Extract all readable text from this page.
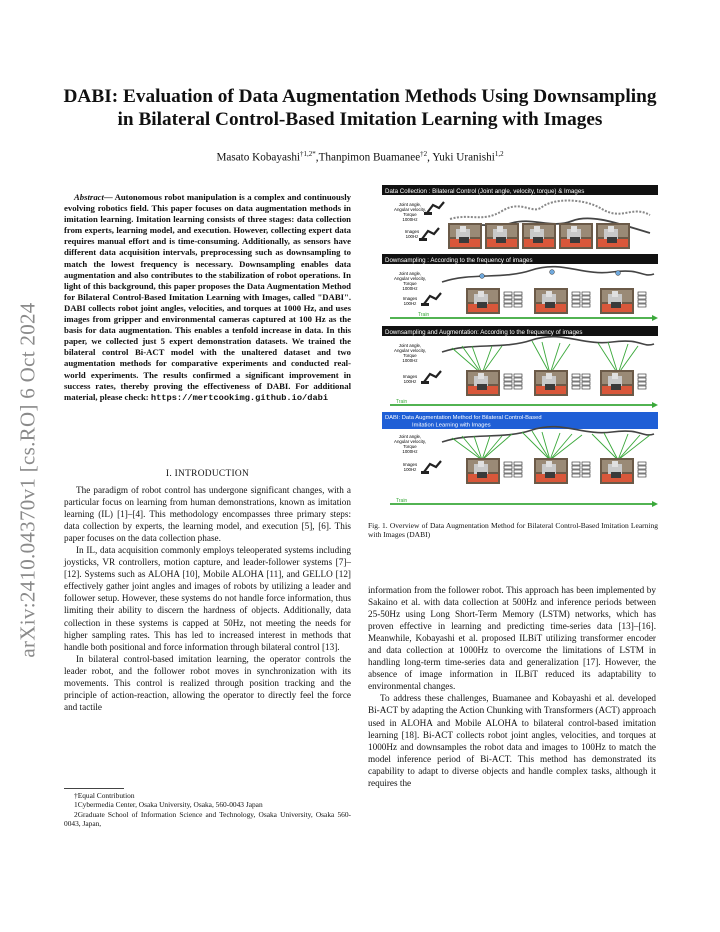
arXiv:2410.04370v1 [cs.RO] 6 Oct 2024
DABI: Evaluation of Data Augmentation Methods Using Downsampling in Bilateral Control-Based Imitation Learning with Images
Masato Kobayashi$^{\dagger 1,2*}$,Thanpimon Buamanee$^{\dagger 2}$, Yuki Uranishi$^{1,2}$
Abstract— Autonomous robot manipulation is a complex and continuously evolving robotics field. This paper focuses on data augmentation methods in imitation learning. Imitation learning consists of three stages: data collection from experts, learning model, and execution. However, collecting expert data requires manual effort and is time-consuming. Additionally, as sensors have different data acquisition intervals, preprocessing such as downsampling to match the lowest frequency is necessary. Downsampling enables data augmentation and also contributes to the stabilization of robot operations. In light of this background, this paper proposes the Data Augmentation Method for Bilateral Control-Based Imitation Learning with Images, called "DABI". DABI collects robot joint angles, velocities, and torques at 1000 Hz, and uses images from gripper and environmental cameras captured at 100 Hz as the basis for data augmentation. This enables a tenfold increase in data. In this paper, we collected just 5 expert demonstration datasets. We trained the bilateral control Bi-ACT model with the unaltered dataset and two augmentation methods for comparative experiments and conducted real-world experiments. The results confirmed a significant improvement in success rates, thereby proving the effectiveness of DABI. For additional material, please check: https://mertcookimg.github.io/dabi
I. INTRODUCTION

The paradigm of robot control has undergone significant changes, with a particular focus on learning from human demonstrations, known as imitation learning (IL) [1]–[4]. This methodology encompasses three primary steps: data collection by experts, the learning model, and execution [5], [6]. This paper focuses on the data collection phase.

In IL, data acquisition commonly employs teleoperated systems including joysticks, VR controllers, motion capture, and leader-follower systems [7]–[12]. Systems such as ALOHA [10], Mobile ALOHA [11], and GELLO [12] effectively gather joint angles and images of robots by utilizing a leader and follower setup. However, these systems do not handle force information, thus limiting their ability to discern the hardness of objects. Additionally, data collection in these systems is capped at 50Hz, not meeting the needs for higher sampling rates. This has led to increased interest in methods that handle both positional and force information through bilateral control [13].

In bilateral control-based imitation learning, the operator controls the leader robot, and the follower robot moves in synchronization with its movements. This control is realized through position tracking and the principle of action-reaction, allowing the operator to directly feel the force and tactile

†Equal Contribution

1Cybermedia Center, Osaka University, Osaka, 560-0043 Japan

2Graduate School of Information Science and Technology, Osaka University, Osaka 560-0043, Japan,

information from the follower robot. This approach has been implemented by Sakaino et al. with data collection at 500Hz and inference periods between 25-50Hz using Long Short-Term Memory (LSTM) networks, which has proven effective in learning and predicting time-series data [13]–[16]. Meanwhile, Kobayashi et al. proposed ILBiT utilizing transformer encoder and data collection at 1000Hz to overcome the limitations of LSTM in handling long-term time-series data and generalization [17]. However, the absence of image information in ILBiT reduced its adaptability to environmental changes.

To address these challenges, Buamanee and Kobayashi et al. developed Bi-ACT by adapting the Action Chunking with Transformers (ACT) approach used in ALOHA and Mobile ALOHA to bilateral control-based imitation learning [18]. Bi-ACT collects robot joint angles, velocities, and torques at 1000Hz and downsamples the robot data and images to 100Hz to match the model inference period of Bi-ACT. This method has demonstrated its capability to adapt to diverse objects and handle complex tasks, although it requires the

Data Collection : Bilateral Control (Joint angle, velocity, torque) & Images
Joint angle,
Angular velocity,
Torque
1000Hz
Images
100Hz
Downsampling : According to the frequency of images
Joint angle,
Angular velocity,
Torque
1000Hz
Images
100Hz
Train
Downsampling and Augmentation: According to the frequency of images
Joint angle,
Angular velocity,
Torque
1000Hz
Images
100Hz
Train
DABI: Data Augmentation Method for Bilateral Control-Based
Imitation Learning with Images
Joint angle,
Angular velocity,
Torque
1000Hz
Images
100Hz
Train
Fig. 1. Overview of Data Augmentation Method for Bilateral Control-Based Imitation Learning with Images (DABI)
